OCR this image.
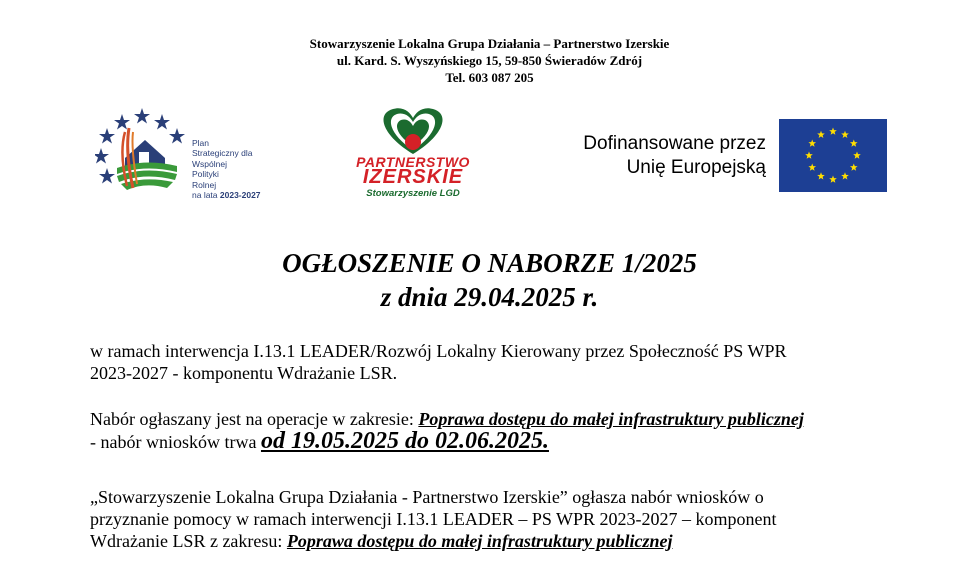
Stowarzyszenie Lokalna Grupa Działania – Partnerstwo Izerskie
ul. Kard. S. Wyszyńskiego 15, 59-850 Świeradów Zdrój
Tel. 603 087 205
Plan
Strategiczny dla
Wspólnej
Polityki
Rolnej
na lata 2023-2027
PARTNERSTWO
IZERSKIE
Stowarzyszenie LGD
Dofinansowane przez
Unię Europejską
OGŁOSZENIE O NABORZE 1/2025
z dnia 29.04.2025 r.
w ramach interwencja I.13.1 LEADER/Rozwój Lokalny Kierowany przez Społeczność PS WPR
2023-2027 - komponentu Wdrażanie LSR.
Nabór ogłaszany jest na operacje w zakresie: Poprawa dostępu do małej infrastruktury publicznej
- nabór wniosków trwa od 19.05.2025 do 02.06.2025.
„Stowarzyszenie Lokalna Grupa Działania - Partnerstwo Izerskie” ogłasza nabór wniosków o
przyznanie pomocy w ramach interwencji I.13.1 LEADER – PS WPR 2023-2027 – komponent
Wdrażanie LSR z zakresu: Poprawa dostępu do małej infrastruktury publicznej
